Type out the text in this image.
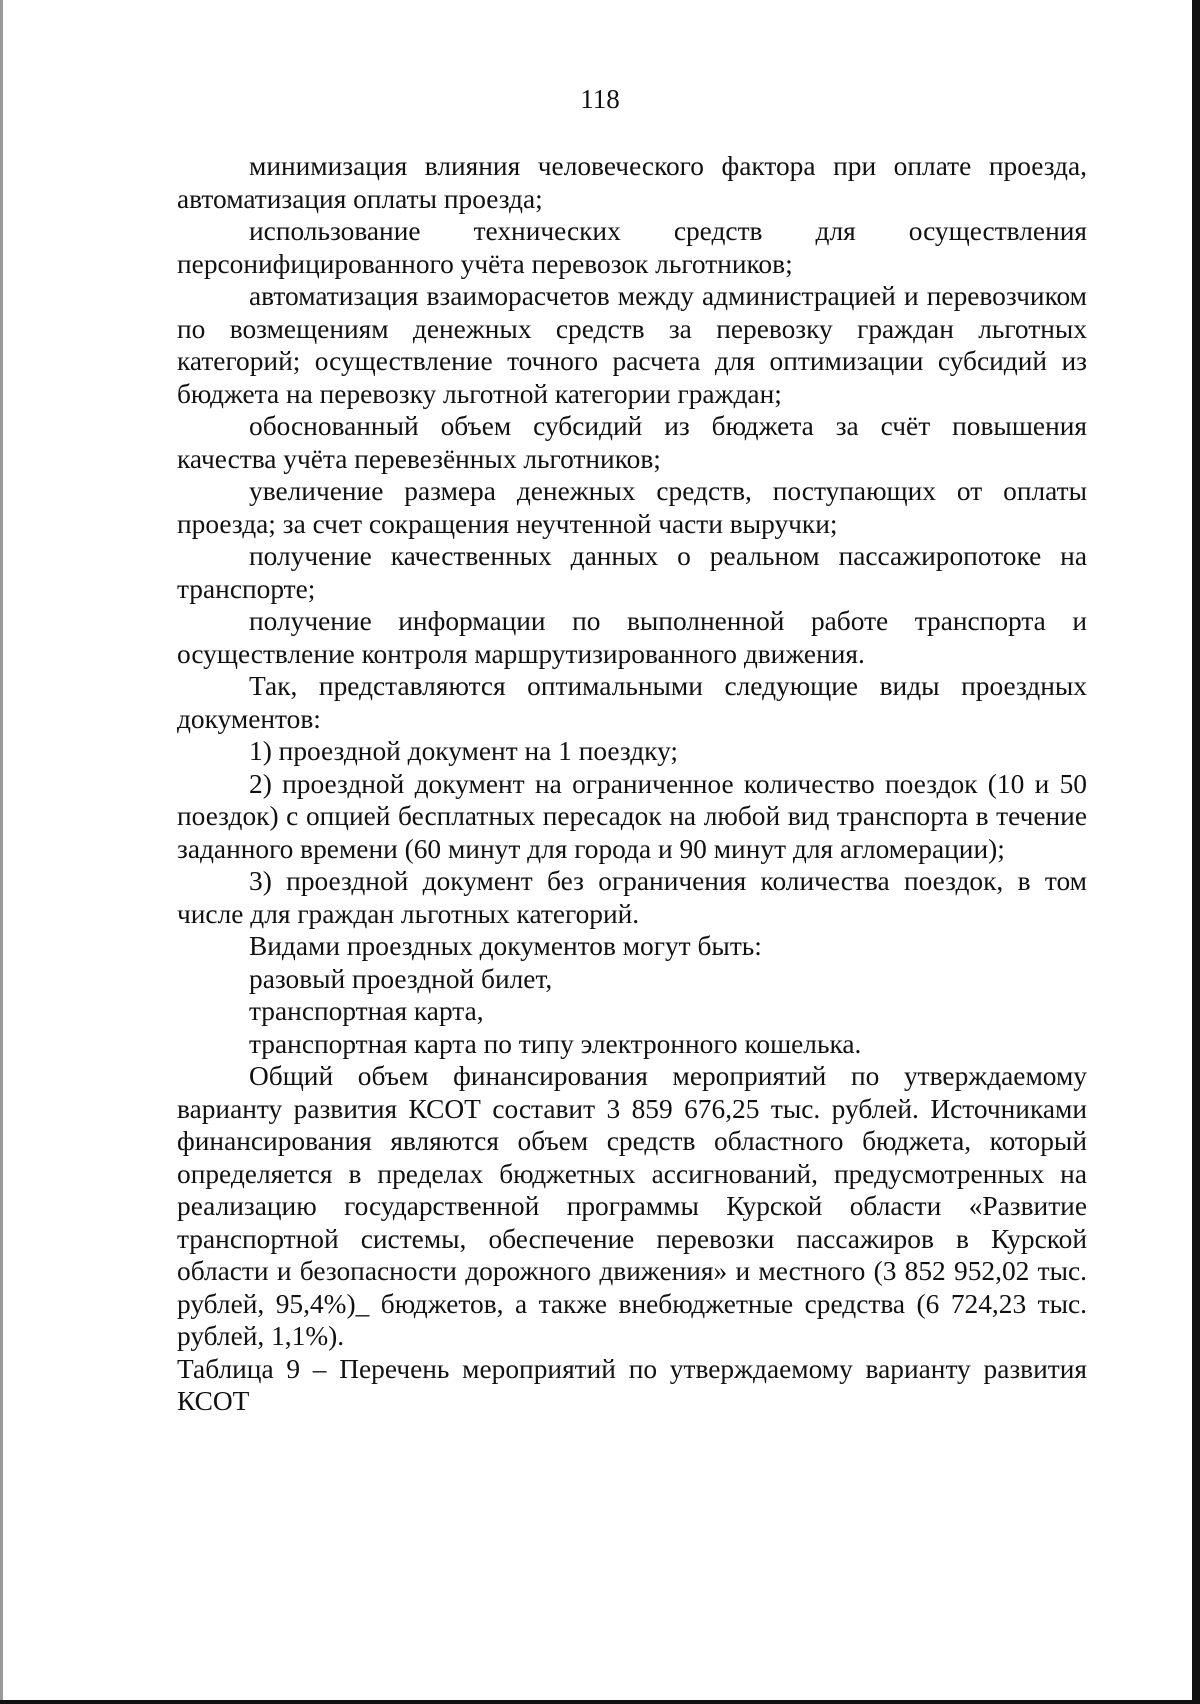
118

минимизация влияния человеческого фактора при оплате проезда, автоматизация оплаты проезда;

использование технических средств для осуществления персонифицированного учёта перевозок льготников;

автоматизация взаиморасчетов между администрацией и перевозчиком по возмещениям денежных средств за перевозку граждан льготных категорий; осуществление точного расчета для оптимизации субсидий из бюджета на перевозку льготной категории граждан;

обоснованный объем субсидий из бюджета за счёт повышения качества учёта перевезённых льготников;

увеличение размера денежных средств, поступающих от оплаты проезда; за счет сокращения неучтенной части выручки;

получение качественных данных о реальном пассажиропотоке на транспорте;

получение информации по выполненной работе транспорта и осуществление контроля маршрутизированного движения.

Так, представляются оптимальными следующие виды проездных документов:

1) проездной документ на 1 поездку;

2) проездной документ на ограниченное количество поездок (10 и 50 поездок) с опцией бесплатных пересадок на любой вид транспорта в течение заданного времени (60 минут для города и 90 минут для агломерации);

3) проездной документ без ограничения количества поездок, в том числе для граждан льготных категорий.

Видами проездных документов могут быть:

разовый проездной билет,

транспортная карта,

транспортная карта по типу электронного кошелька.

Общий объем финансирования мероприятий по утверждаемому варианту развития КСОТ составит 3 859 676,25 тыс. рублей. Источниками финансирования являются объем средств областного бюджета, который определяется в пределах бюджетных ассигнований, предусмотренных на реализацию государственной программы Курской области «Развитие транспортной системы, обеспечение перевозки пассажиров в Курской области и безопасности дорожного движения» и местного (3 852 952,02 тыс. рублей, 95,4%)_ бюджетов, а также внебюджетные средства (6 724,23 тыс. рублей, 1,1%).

Таблица 9 – Перечень мероприятий по утверждаемому варианту развития КСОТ
